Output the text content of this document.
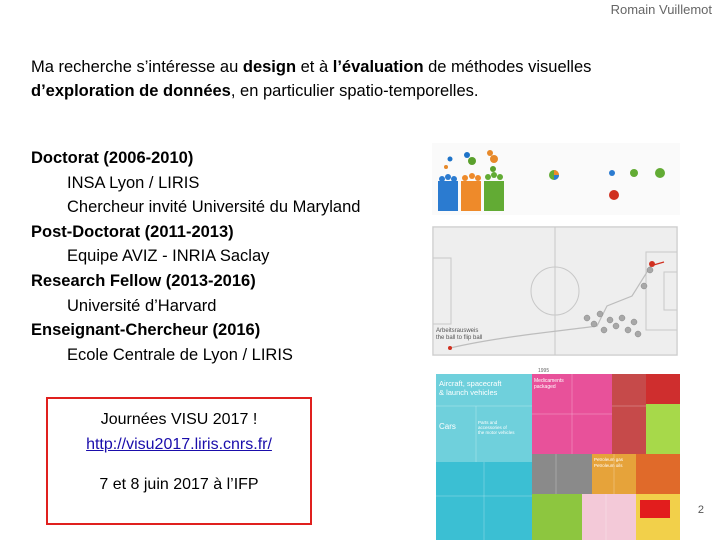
Romain Vuillemot
Ma recherche s’intéresse au design et à l’évaluation de méthodes visuelles d’exploration de données, en particulier spatio-temporelles.
Doctorat (2006-2010)
INSA Lyon / LIRIS
Chercheur invité Université du Maryland
Post-Doctorat (2011-2013)
Equipe AVIZ - INRIA Saclay
Research Fellow (2013-2016)
Université d’Harvard
Enseignant-Chercheur (2016)
Ecole Centrale de Lyon / LIRIS
Arbeitsrausweis
the ball to flip ball
1995
Aircraft, spacecraft
& launch vehicles
Cars	Parts and
accessories of
the motor vehicles
Medicaments
packaged
Petroleum gas
Petroleum oils
Journées VISU 2017 !
http://visu2017.liris.cnrs.fr/
7 et 8 juin 2017 à l’IFP
2
